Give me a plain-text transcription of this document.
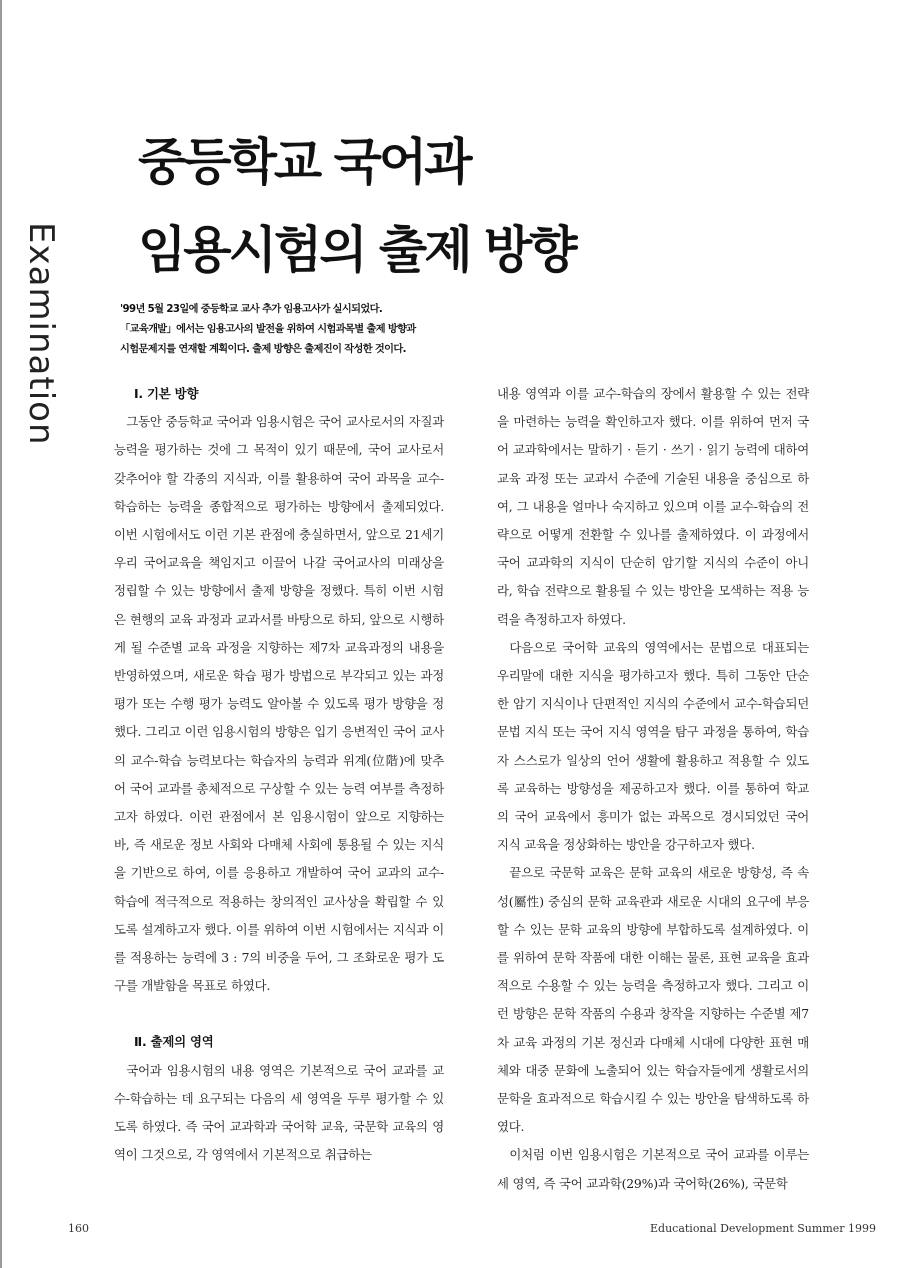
Examination
중등학교 국어과
임용시험의 출제 방향

'99년 5월 23일에 중등학교 교사 추가 임용고사가 실시되었다.

「교육개발」에서는 임용고사의 발전을 위하여 시험과목별 출제 방향과

시험문제지를 연재할 계획이다. 출제 방향은 출제진이 작성한 것이다.

Ⅰ. 기본 방향

그동안 중등학교 국어과 임용시험은 국어 교사로서의 자질과 능력을 평가하는 것에 그 목적이 있기 때문에, 국어 교사로서 갖추어야 할 각종의 지식과, 이를 활용하여 국어 과목을 교수-학습하는 능력을 종합적으로 평가하는 방향에서 출제되었다. 이번 시험에서도 이런 기본 관점에 충실하면서, 앞으로 21세기 우리 국어교육을 책임지고 이끌어 나갈 국어교사의 미래상을 정립할 수 있는 방향에서 출제 방향을 정했다. 특히 이번 시험은 현행의 교육 과정과 교과서를 바탕으로 하되, 앞으로 시행하게 될 수준별 교육 과정을 지향하는 제7차 교육과정의 내용을 반영하였으며, 새로운 학습 평가 방법으로 부각되고 있는 과정 평가 또는 수행 평가 능력도 알아볼 수 있도록 평가 방향을 정했다. 그리고 이런 임용시험의 방향은 입기 응변적인 국어 교사의 교수-학습 능력보다는 학습자의 능력과 위계(位階)에 맞추어 국어 교과를 총체적으로 구상할 수 있는 능력 여부를 측정하고자 하였다. 이런 관점에서 본 임용시험이 앞으로 지향하는 바, 즉 새로운 정보 사회와 다매체 사회에 통용될 수 있는 지식을 기반으로 하여, 이를 응용하고 개발하여 국어 교과의 교수-학습에 적극적으로 적용하는 창의적인 교사상을 확립할 수 있도록 설계하고자 했다. 이를 위하여 이번 시험에서는 지식과 이를 적용하는 능력에 3 : 7의 비중을 두어, 그 조화로운 평가 도구를 개발함을 목표로 하였다.

Ⅱ. 출제의 영역

국어과 임용시험의 내용 영역은 기본적으로 국어 교과를 교수-학습하는 데 요구되는 다음의 세 영역을 두루 평가할 수 있도록 하였다. 즉 국어 교과학과 국어학 교육, 국문학 교육의 영역이 그것으로, 각 영역에서 기본적으로 취급하는

내용 영역과 이를 교수-학습의 장에서 활용할 수 있는 전략을 마련하는 능력을 확인하고자 했다. 이를 위하여 먼저 국어 교과학에서는 말하기 · 듣기 · 쓰기 · 읽기 능력에 대하여 교육 과정 또는 교과서 수준에 기술된 내용을 중심으로 하여, 그 내용을 얼마나 숙지하고 있으며 이를 교수-학습의 전략으로 어떻게 전환할 수 있나를 출제하였다. 이 과정에서 국어 교과학의 지식이 단순히 암기할 지식의 수준이 아니라, 학습 전략으로 활용될 수 있는 방안을 모색하는 적용 능력을 측정하고자 하였다.

다음으로 국어학 교육의 영역에서는 문법으로 대표되는 우리말에 대한 지식을 평가하고자 했다. 특히 그동안 단순한 암기 지식이나 단편적인 지식의 수준에서 교수-학습되던 문법 지식 또는 국어 지식 영역을 탐구 과정을 통하여, 학습자 스스로가 일상의 언어 생활에 활용하고 적용할 수 있도록 교육하는 방향성을 제공하고자 했다. 이를 통하여 학교의 국어 교육에서 흥미가 없는 과목으로 경시되었던 국어 지식 교육을 정상화하는 방안을 강구하고자 했다.

끝으로 국문학 교육은 문학 교육의 새로운 방향성, 즉 속성(屬性) 중심의 문학 교육관과 새로운 시대의 요구에 부응할 수 있는 문학 교육의 방향에 부합하도록 설계하였다. 이를 위하여 문학 작품에 대한 이해는 물론, 표현 교육을 효과적으로 수용할 수 있는 능력을 측정하고자 했다. 그리고 이런 방향은 문학 작품의 수용과 창작을 지향하는 수준별 제7차 교육 과정의 기본 정신과 다매체 시대에 다양한 표현 매체와 대중 문화에 노출되어 있는 학습자들에게 생활로서의 문학을 효과적으로 학습시킬 수 있는 방안을 탐색하도록 하였다.

이처럼 이번 임용시험은 기본적으로 국어 교과를 이루는 세 영역, 즉 국어 교과학(29%)과 국어학(26%), 국문학

160	Educational Development Summer 1999
